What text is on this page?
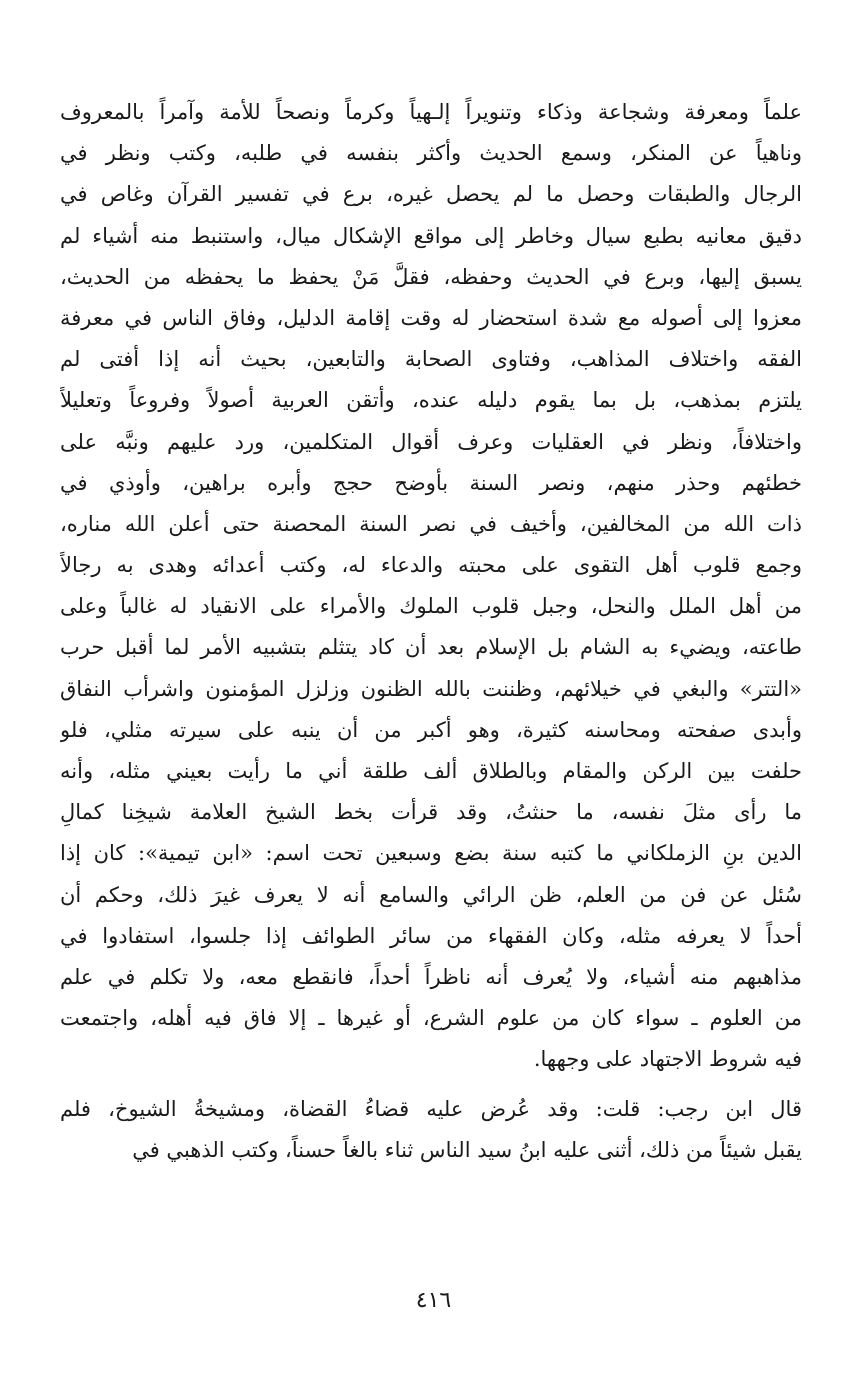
علماً ومعرفة وشجاعة وذكاء وتنويراً إلـهياً وكرماً ونصحاً للأمة وآمراً بالمعروف
وناهياً عن المنكر، وسمع الحديث وأكثر بنفسه في طلبه، وكتب ونظر في
الرجال والطبقات وحصل ما لم يحصل غيره، برع في تفسير القرآن وغاص في
دقيق معانيه بطبع سيال وخاطر إلى مواقع الإشكال ميال، واستنبط منه أشياء لم
يسبق إليها، وبرع في الحديث وحفظه، فقلَّ مَنْ يحفظ ما يحفظه من الحديث،
معزوا إلى أصوله مع شدة استحضار له وقت إقامة الدليل، وفاق الناس في معرفة
الفقه واختلاف المذاهب، وفتاوى الصحابة والتابعين، بحيث أنه إذا أفتى لم
يلتزم بمذهب، بل بما يقوم دليله عنده، وأتقن العربية أصولاً وفروعاً وتعليلاً
واختلافاً، ونظر في العقليات وعرف أقوال المتكلمين، ورد عليهم ونبَّه على
خطئهم وحذر منهم، ونصر السنة بأوضح حجج وأبره براهين، وأوذي في
ذات الله من المخالفين، وأخيف في نصر السنة المحصنة حتى أعلن الله مناره،
وجمع قلوب أهل التقوى على محبته والدعاء له، وكتب أعدائه وهدى به رجالاً
من أهل الملل والنحل، وجبل قلوب الملوك والأمراء على الانقياد له غالباً وعلى
طاعته، ويضيء به الشام بل الإسلام بعد أن كاد يتثلم بتشبيه الأمر لما أقبل حرب
«التتر» والبغي في خيلائهم، وظننت بالله الظنون وزلزل المؤمنون واشرأب النفاق
وأبدى صفحته ومحاسنه كثيرة، وهو أكبر من أن ينبه على سيرته مثلي، فلو
حلفت بين الركن والمقام وبالطلاق ألف طلقة أني ما رأيت بعيني مثله، وأنه
ما رأى مثلَ نفسه، ما حنثتُ، وقد قرأت بخط الشيخ العلامة شيخِنا كمالِ
الدين بنِ الزملكاني ما كتبه سنة بضع وسبعين تحت اسم: «ابن تيمية»: كان إذا
سُئل عن فن من العلم، ظن الرائي والسامع أنه لا يعرف غيرَ ذلك، وحكم أن
أحداً لا يعرفه مثله، وكان الفقهاء من سائر الطوائف إذا جلسوا، استفادوا في
مذاهبهم منه أشياء، ولا يُعرف أنه ناظراً أحداً، فانقطع معه، ولا تكلم في علم
من العلوم ـ سواء كان من علوم الشرع، أو غيرها ـ إلا فاق فيه أهله، واجتمعت
فيه شروط الاجتهاد على وجهها.
قال ابن رجب: قلت: وقد عُرض عليه قضاءُ القضاة، ومشيخةُ الشيوخ، فلم
يقبل شيئاً من ذلك، أثنى عليه ابنُ سيد الناس ثناء بالغاً حسناً، وكتب الذهبي في
٤١٦
